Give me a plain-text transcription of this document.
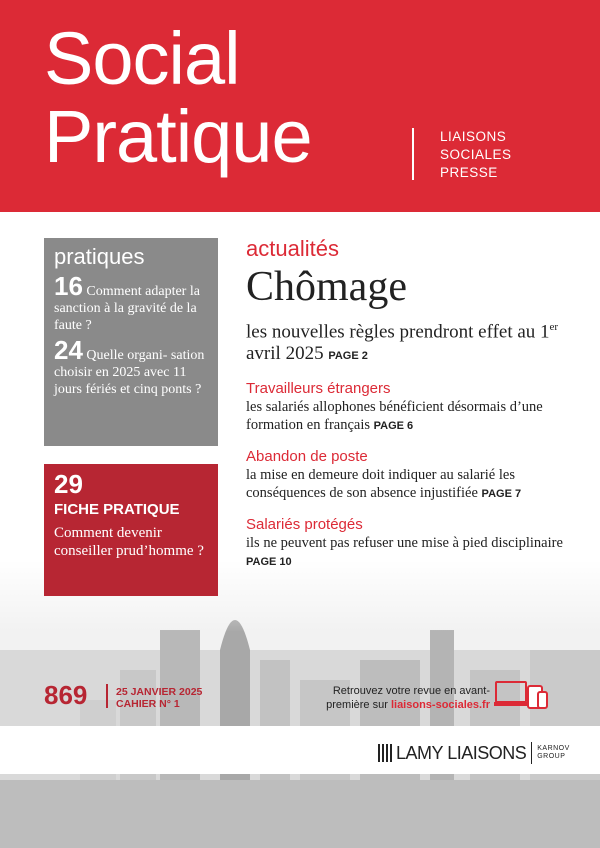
Social
Pratique	LIAISONS
SOCIALES
PRESSE
pratiques
16 Comment adapter la sanction à la gravité de la faute ?
24 Quelle organi- sation choisir en 2025 avec 11 jours fériés et cinq ponts ?
29
FICHE PRATIQUE
Comment devenir conseiller prud’homme ?
actualités
Chômage
les nouvelles règles prendront effet au 1er avril 2025 PAGE 2
Travailleurs étrangers
les salariés allophones bénéficient désormais d’une formation en français PAGE 6
Abandon de poste
la mise en demeure doit indiquer au salarié les conséquences de son absence injustifiée PAGE 7
Salariés protégés
ils ne peuvent pas refuser une mise à pied disciplinaire PAGE 10
869	25 JANVIER 2025
CAHIER N° 1
Retrouvez votre revue en avant-première sur liaisons-sociales.fr
LAMY LIAISONS KARNOV
GROUP
